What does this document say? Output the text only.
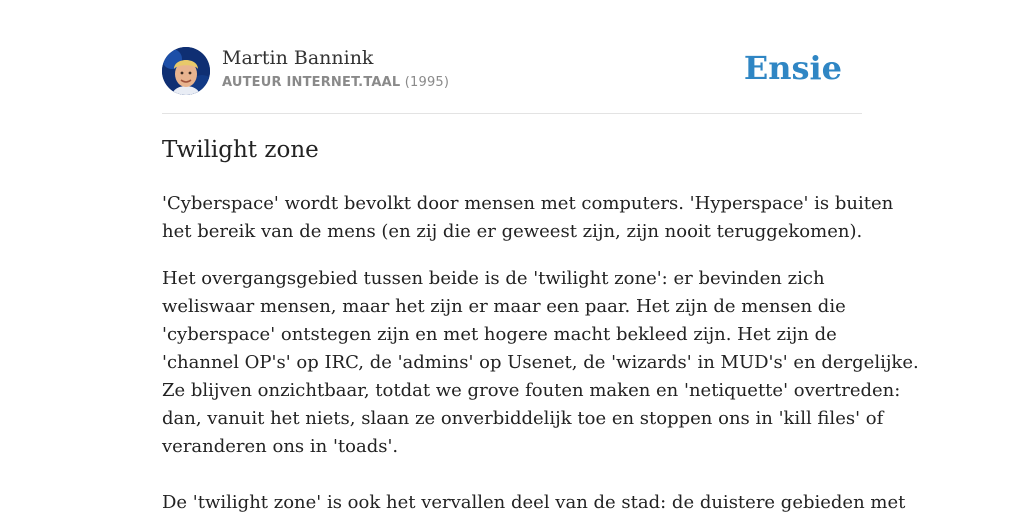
Martin Bannink
AUTEUR INTERNET.TAAL (1995)	Ensie
Twilight zone

'Cyberspace' wordt bevolkt door mensen met computers. 'Hyperspace' is buiten
het bereik van de mens (en zij die er geweest zijn, zijn nooit teruggekomen).

Het overgangsgebied tussen beide is de 'twilight zone': er bevinden zich
weliswaar mensen, maar het zijn er maar een paar. Het zijn de mensen die
'cyberspace' ontstegen zijn en met hogere macht bekleed zijn. Het zijn de
'channel OP's' op IRC, de 'admins' op Usenet, de 'wizards' in MUD's' en dergelijke.
Ze blijven onzichtbaar, totdat we grove fouten maken en 'netiquette' overtreden:
dan, vanuit het niets, slaan ze onverbiddelijk toe en stoppen ons in 'kill files' of
veranderen ons in 'toads'.

De 'twilight zone' is ook het vervallen deel van de stad: de duistere gebieden met
